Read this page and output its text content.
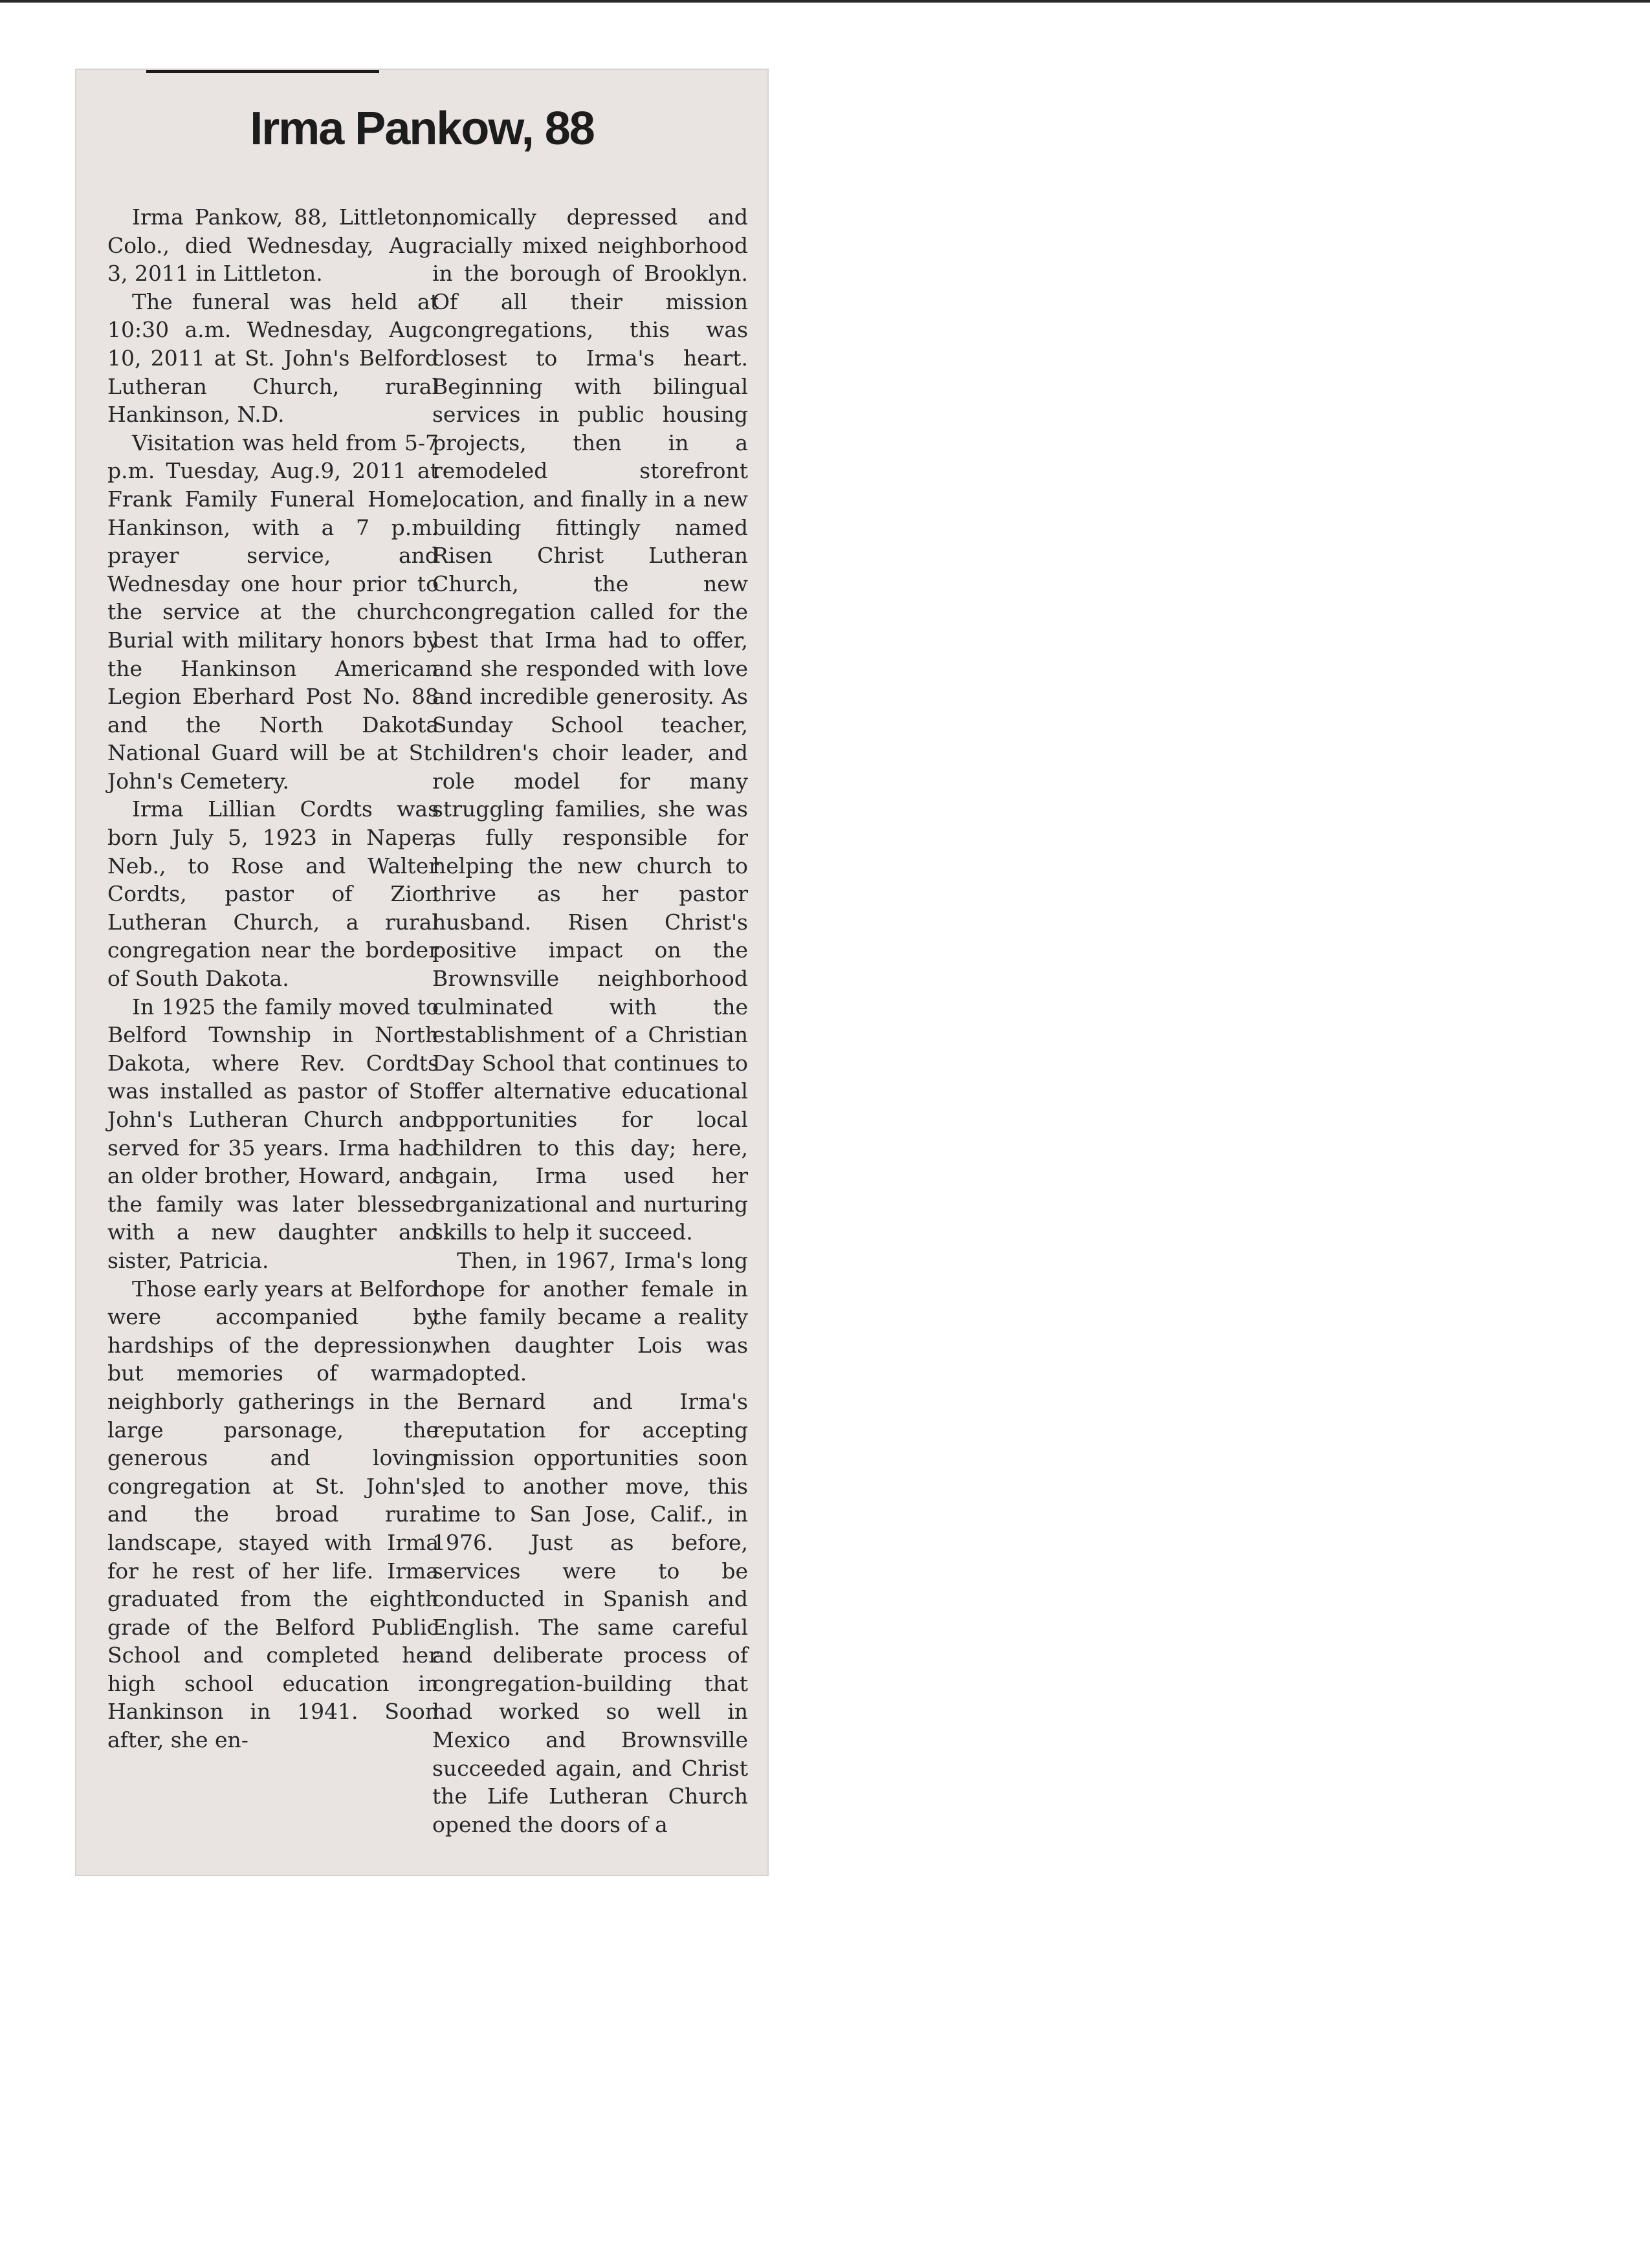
Irma Pankow, 88

Irma Pankow, 88, Littleton, Colo., died Wednesday, Aug. 3, 2011 in Littleton.

The funeral was held at 10:30 a.m. Wednesday, Aug. 10, 2011 at St. John's Belford Lutheran Church, rural Hankinson, N.D.

Visitation was held from 5-7 p.m. Tuesday, Aug.9, 2011 at Frank Family Funeral Home, Hankinson, with a 7 p.m. prayer service, and Wednesday one hour prior to the service at the church. Burial with military honors by the Hankinson American Legion Eberhard Post No. 88 and the North Dakota National Guard will be at St. John's Cemetery.

Irma Lillian Cordts was born July 5, 1923 in Naper, Neb., to Rose and Walter Cordts, pastor of Zion Lutheran Church, a rural congregation near the border of South Dakota.

In 1925 the family moved to Belford Township in North Dakota, where Rev. Cordts was installed as pastor of St. John's Lutheran Church and served for 35 years. Irma had an older brother, Howard, and the family was later blessed with a new daughter and sister, Patricia.

Those early years at Belford were accompanied by hardships of the depression, but memories of warm, neighborly gatherings in the large parsonage, the generous and loving congregation at St. John's, and the broad rural landscape, stayed with Irma for he rest of her life. Irma graduated from the eighth grade of the Belford Public School and completed her high school education in Hankinson in 1941. Soon after, she en-

nomically depressed and racially mixed neighborhood in the borough of Brooklyn. Of all their mission congregations, this was closest to Irma's heart. Beginning with bilingual services in public housing projects, then in a remodeled storefront location, and finally in a new building fittingly named Risen Christ Lutheran Church, the new congregation called for the best that Irma had to offer, and she responded with love and incredible generosity. As Sunday School teacher, children's choir leader, and role model for many struggling families, she was as fully responsible for helping the new church to thrive as her pastor husband. Risen Christ's positive impact on the Brownsville neighborhood culminated with the establishment of a Christian Day School that continues to offer alternative educational opportunities for local children to this day; here, again, Irma used her organizational and nurturing skills to help it succeed.

Then, in 1967, Irma's long hope for another female in the family became a reality when daughter Lois was adopted.

Bernard and Irma's reputation for accepting mission opportunities soon led to another move, this time to San Jose, Calif., in 1976. Just as before, services were to be conducted in Spanish and English. The same careful and deliberate process of congregation-building that had worked so well in Mexico and Brownsville succeeded again, and Christ the Life Lutheran Church opened the doors of a
